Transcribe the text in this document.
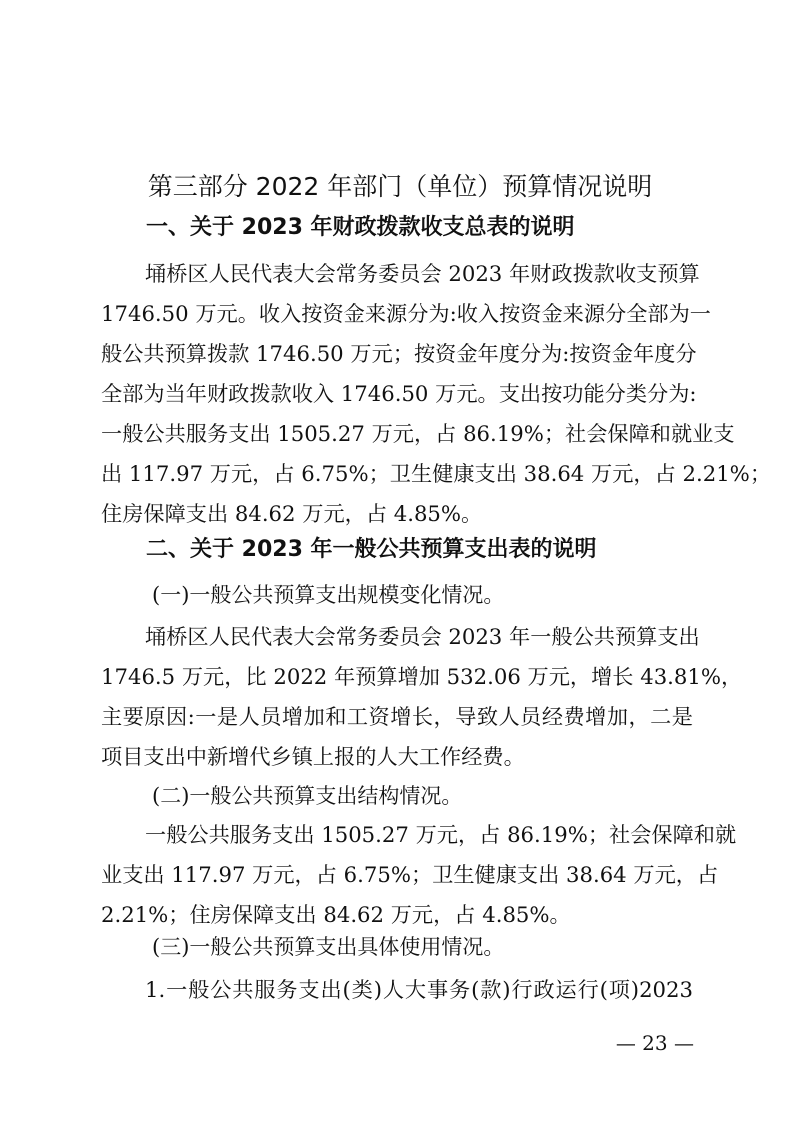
第三部分 2022 年部门（单位）预算情况说明
一、关于 2023 年财政拨款收支总表的说明
埇桥区人民代表大会常务委员会 2023 年财政拨款收支预算
1746.50 万元。收入按资金来源分为:收入按资金来源分全部为一
般公共预算拨款 1746.50 万元；按资金年度分为:按资金年度分
全部为当年财政拨款收入 1746.50 万元。支出按功能分类分为:
一般公共服务支出 1505.27 万元，占 86.19%；社会保障和就业支
出 117.97 万元，占 6.75%；卫生健康支出 38.64 万元，占 2.21%；
住房保障支出 84.62 万元，占 4.85%。
二、关于 2023 年一般公共预算支出表的说明
(一)一般公共预算支出规模变化情况。
埇桥区人民代表大会常务委员会 2023 年一般公共预算支出
1746.5 万元，比 2022 年预算增加 532.06 万元，增长 43.81%，
主要原因:一是人员增加和工资增长，导致人员经费增加，二是
项目支出中新增代乡镇上报的人大工作经费。
(二)一般公共预算支出结构情况。
一般公共服务支出 1505.27 万元，占 86.19%；社会保障和就
业支出 117.97 万元，占 6.75%；卫生健康支出 38.64 万元，占
2.21%；住房保障支出 84.62 万元，占 4.85%。
(三)一般公共预算支出具体使用情况。
1.一般公共服务支出(类)人大事务(款)行政运行(项)2023
— 23 —
